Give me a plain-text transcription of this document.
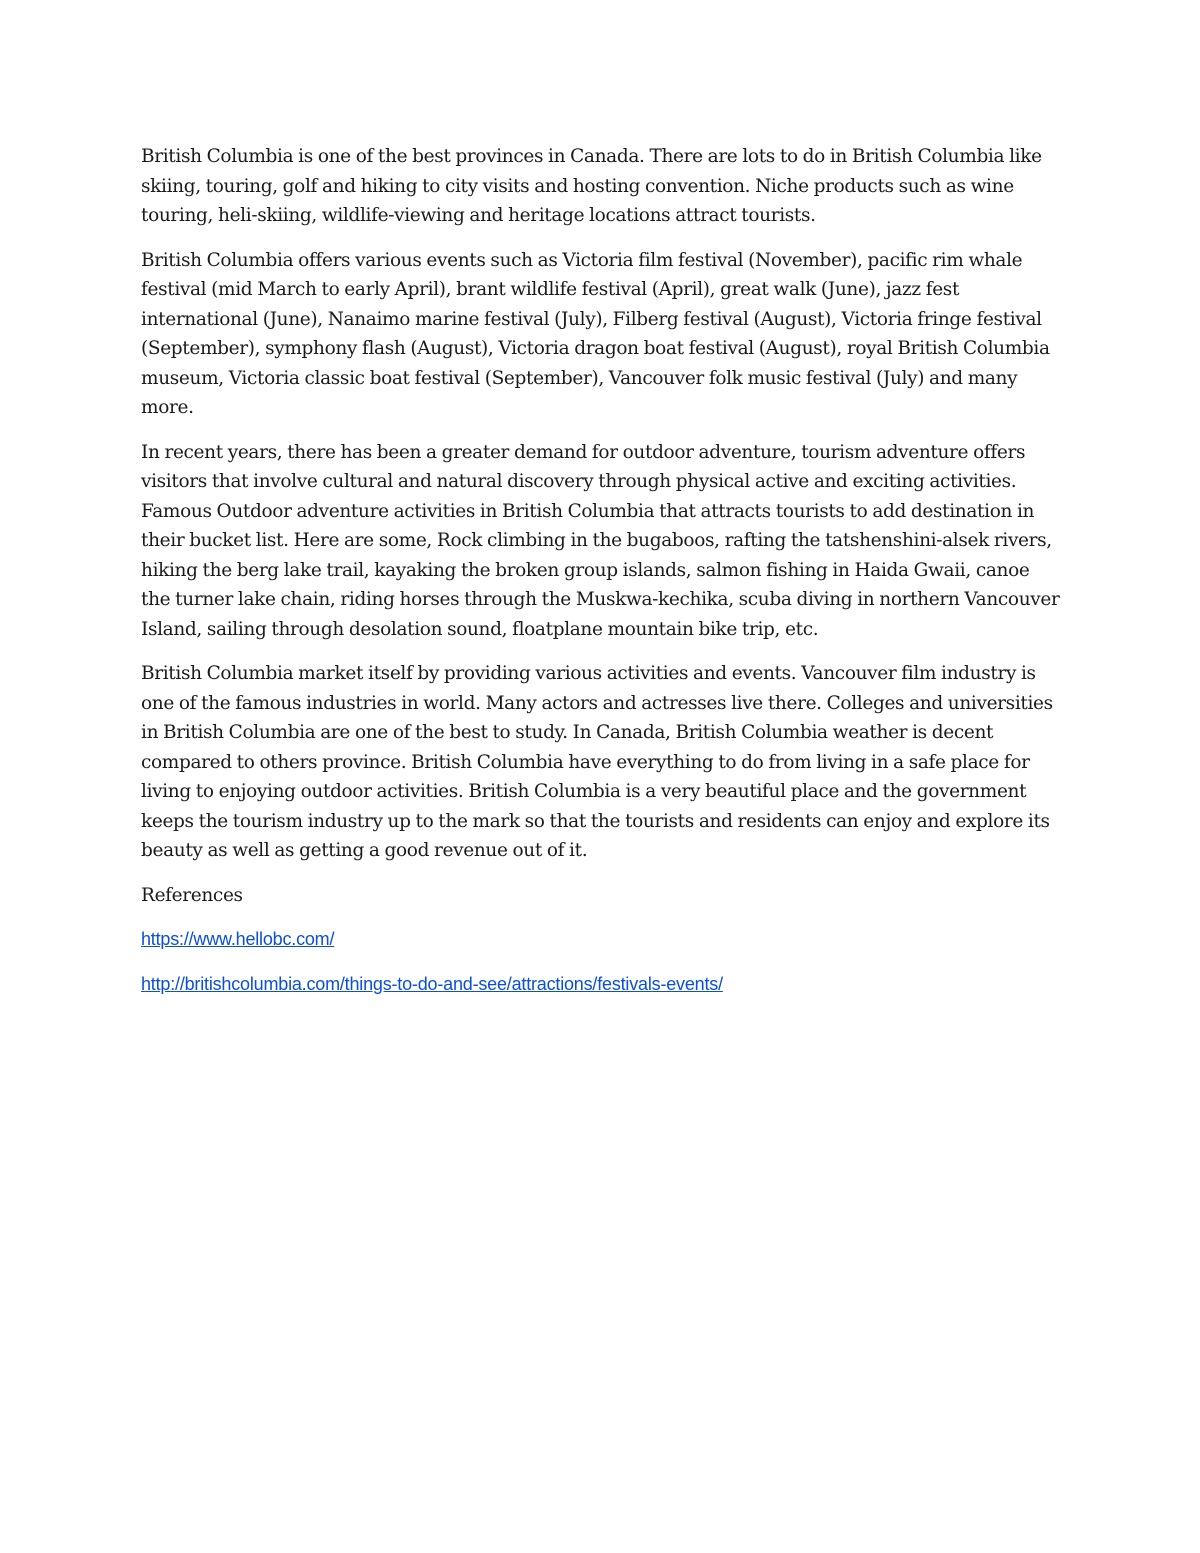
British Columbia is one of the best provinces in Canada. There are lots to do in British Columbia like skiing, touring, golf and hiking to city visits and hosting convention. Niche products such as wine touring, heli-skiing, wildlife-viewing and heritage locations attract tourists.

British Columbia offers various events such as Victoria film festival (November), pacific rim whale festival (mid March to early April), brant wildlife festival (April), great walk (June), jazz fest international (June), Nanaimo marine festival (July), Filberg festival (August), Victoria fringe festival (September), symphony flash (August), Victoria dragon boat festival (August), royal British Columbia museum, Victoria classic boat festival (September), Vancouver folk music festival (July) and many more.

In recent years, there has been a greater demand for outdoor adventure, tourism adventure offers visitors that involve cultural and natural discovery through physical active and exciting activities. Famous Outdoor adventure activities in British Columbia that attracts tourists to add destination in their bucket list. Here are some, Rock climbing in the bugaboos, rafting the tatshenshini-alsek rivers, hiking the berg lake trail, kayaking the broken group islands, salmon fishing in Haida Gwaii, canoe the turner lake chain, riding horses through the Muskwa-kechika, scuba diving in northern Vancouver Island, sailing through desolation sound, floatplane mountain bike trip, etc.

British Columbia market itself by providing various activities and events. Vancouver film industry is one of the famous industries in world. Many actors and actresses live there. Colleges and universities in British Columbia are one of the best to study. In Canada, British Columbia weather is decent compared to others province. British Columbia have everything to do from living in a safe place for living to enjoying outdoor activities. British Columbia is a very beautiful place and the government keeps the tourism industry up to the mark so that the tourists and residents can enjoy and explore its beauty as well as getting a good revenue out of it.

References

https://www.hellobc.com/
http://britishcolumbia.com/things-to-do-and-see/attractions/festivals-events/
